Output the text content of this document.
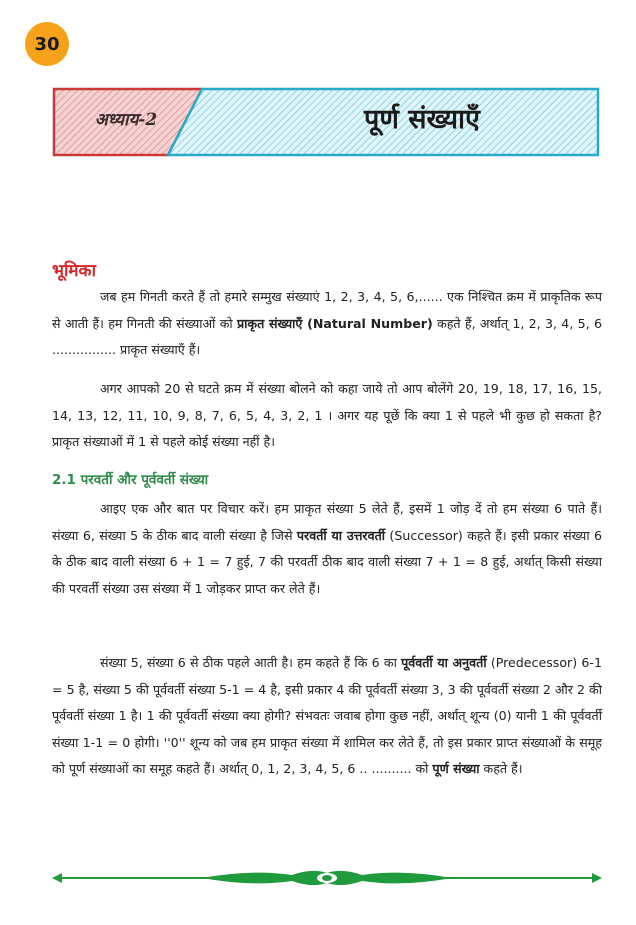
30
अध्याय-2	पूर्ण संख्याएँ
भूमिका
जब हम गिनती करते हैं तो हमारे सम्मुख संख्याएं 1, 2, 3, 4, 5, 6,...... एक निश्चित क्रम में प्राकृतिक रूप से आती हैं। हम गिनती की संख्याओं को प्राकृत संख्याएँ (Natural Number) कहते हैं, अर्थात् 1, 2, 3, 4, 5, 6 ................ प्राकृत संख्याएँ हैं।
अगर आपको 20 से घटते क्रम में संख्या बोलने को कहा जाये तो आप बोलेंगे 20, 19, 18, 17, 16, 15, 14, 13, 12, 11, 10, 9, 8, 7, 6, 5, 4, 3, 2, 1 । अगर यह पूछें कि क्या 1 से पहले भी कुछ हो सकता है? प्राकृत संख्याओं में 1 से पहले कोई संख्या नहीं है।
2.1 परवर्ती और पूर्ववर्ती संख्या
आइए एक और बात पर विचार करें। हम प्राकृत संख्या 5 लेते हैं, इसमें 1 जोड़ दें तो हम संख्या 6 पाते हैं। संख्या 6, संख्या 5 के ठीक बाद वाली संख्या है जिसे परवर्ती या उत्तरवर्ती (Successor) कहते हैं। इसी प्रकार संख्या 6 के ठीक बाद वाली संख्या 6 + 1 = 7 हुई, 7 की परवर्ती ठीक बाद वाली संख्या 7 + 1 = 8 हुई, अर्थात् किसी संख्या की परवर्ती संख्या उस संख्या में 1 जोड़कर प्राप्त कर लेते हैं।
संख्या 5, संख्या 6 से ठीक पहले आती है। हम कहते हैं कि 6 का पूर्ववर्ती या अनुवर्ती (Predecessor) 6-1 = 5 है, संख्या 5 की पूर्ववर्ती संख्या 5-1 = 4 है, इसी प्रकार 4 की पूर्ववर्ती संख्या 3, 3 की पूर्ववर्ती संख्या 2 और 2 की पूर्ववर्ती संख्या 1 है। 1 की पूर्ववर्ती संख्या क्या होगी? संभवतः जवाब होगा कुछ नहीं, अर्थात् शून्य (0) यानी 1 की पूर्ववर्ती संख्या 1-1 = 0 होगी। ''0'' शून्य को जब हम प्राकृत संख्या में शामिल कर लेते हैं, तो इस प्रकार प्राप्त संख्याओं के समूह को पूर्ण संख्याओं का समूह कहते हैं। अर्थात् 0, 1, 2, 3, 4, 5, 6 .. .......... को पूर्ण संख्या कहते हैं।
